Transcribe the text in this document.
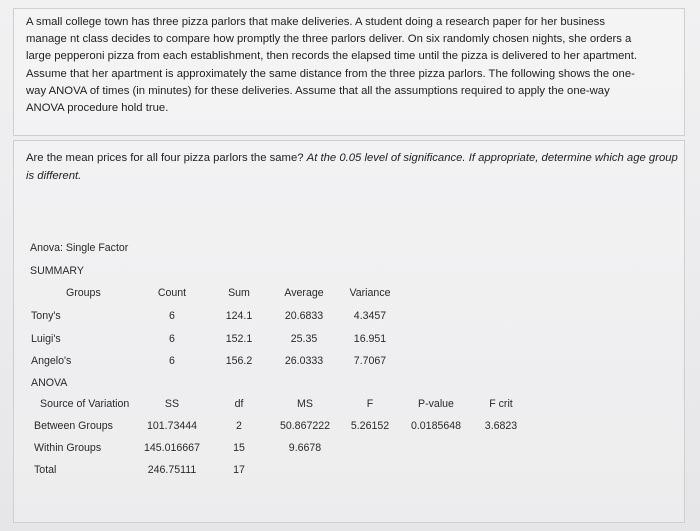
A small college town has three pizza parlors that make deliveries. A student doing a research paper for her business
manage nt class decides to compare how promptly the three parlors deliver. On six randomly chosen nights, she orders a
large pepperoni pizza from each establishment, then records the elapsed time until the pizza is delivered to her apartment.
Assume that her apartment is approximately the same distance from the three pizza parlors. The following shows the one-
way ANOVA of times (in minutes) for these deliveries. Assume that all the assumptions required to apply the one-way
ANOVA procedure hold true.

Are the mean prices for all four pizza parlors the same? At the 0.05 level of significance. If appropriate, determine which age group is different.

Anova: Single Factor
SUMMARY
Groups	Count	Sum	Average	Variance
Tony's	6	124.1	20.6833	4.3457
Luigi's	6	152.1	25.35	16.951
Angelo's	6	156.2	26.0333	7.7067
ANOVA
Source of Variation	SS	df	MS	F	P-value	F crit
Between Groups	101.73444	2	50.867222	5.26152	0.0185648	3.6823
Within Groups	145.016667	15	9.6678
Total	246.75111	17
